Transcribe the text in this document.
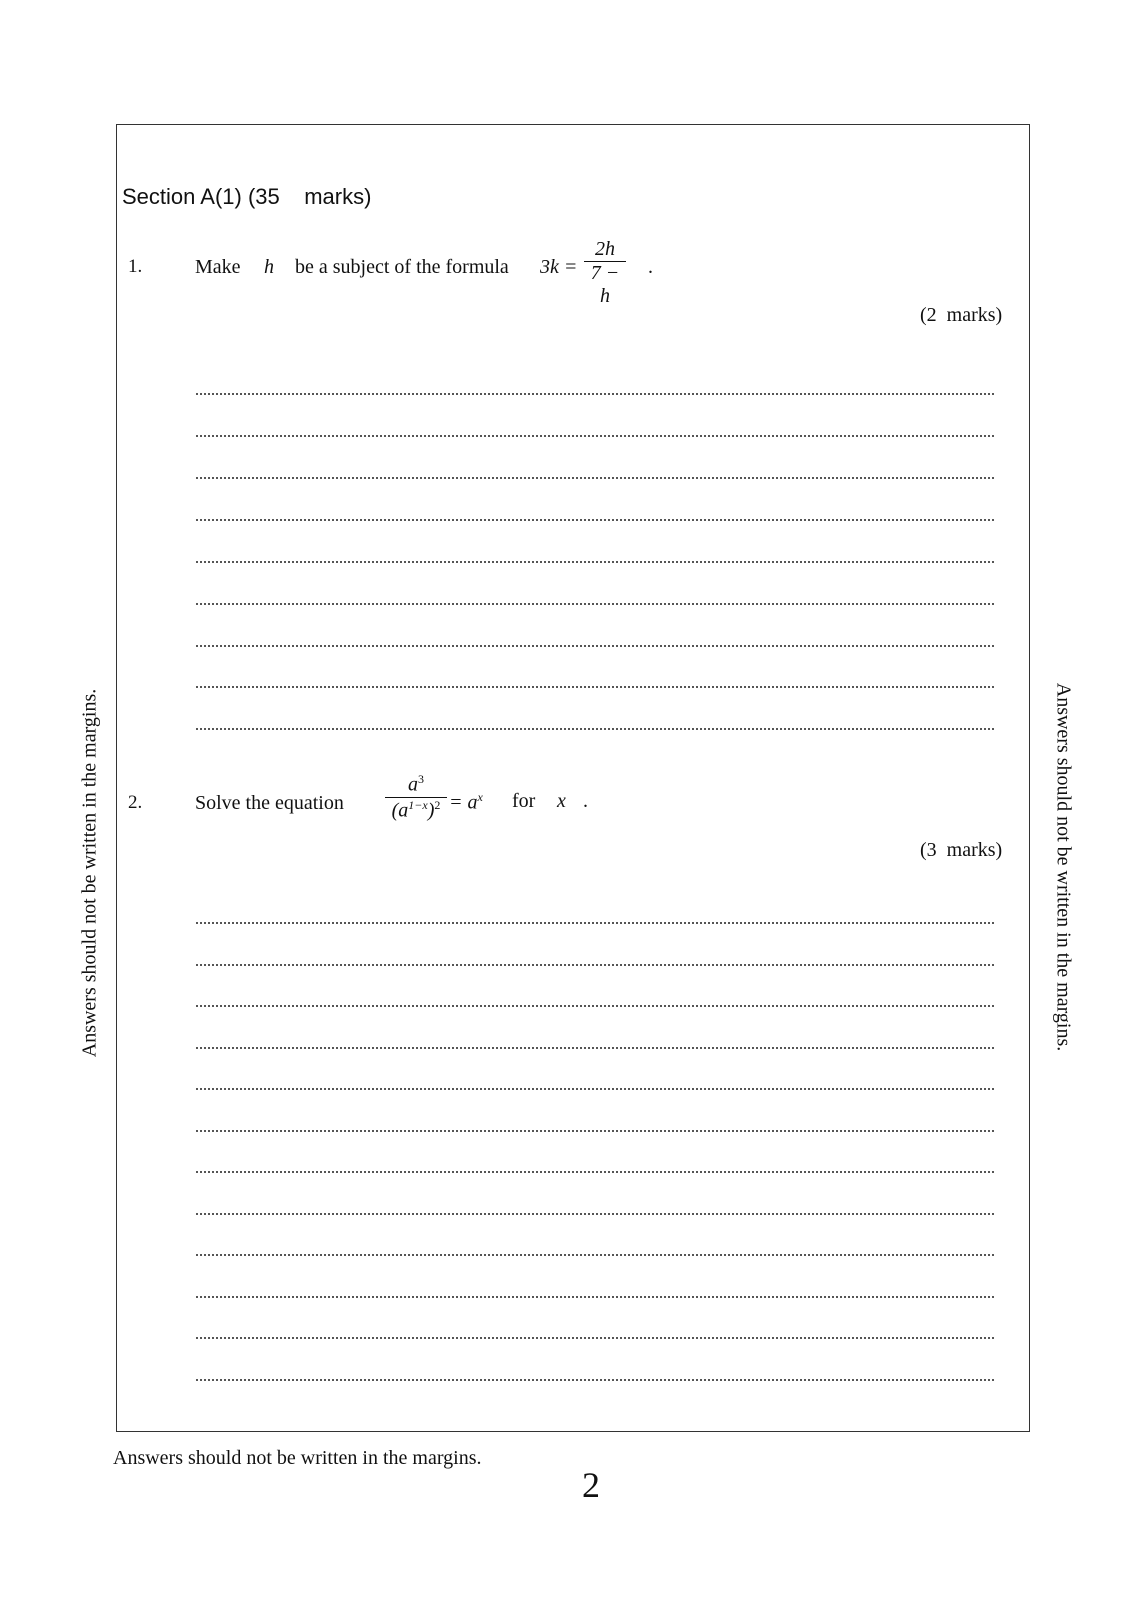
Section A(1) (35    marks)
1.	Make h be a subject of the formula 3k =
2h
7 − h
.
(2  marks)
2.	Solve the equation
$a^3$
$(a^{1-x})^2 = a^x$ for x .
(3  marks)
Answers should not be written in the margins.	Answers should not be written in the margins.
Answers should not be written in the margins.
2
